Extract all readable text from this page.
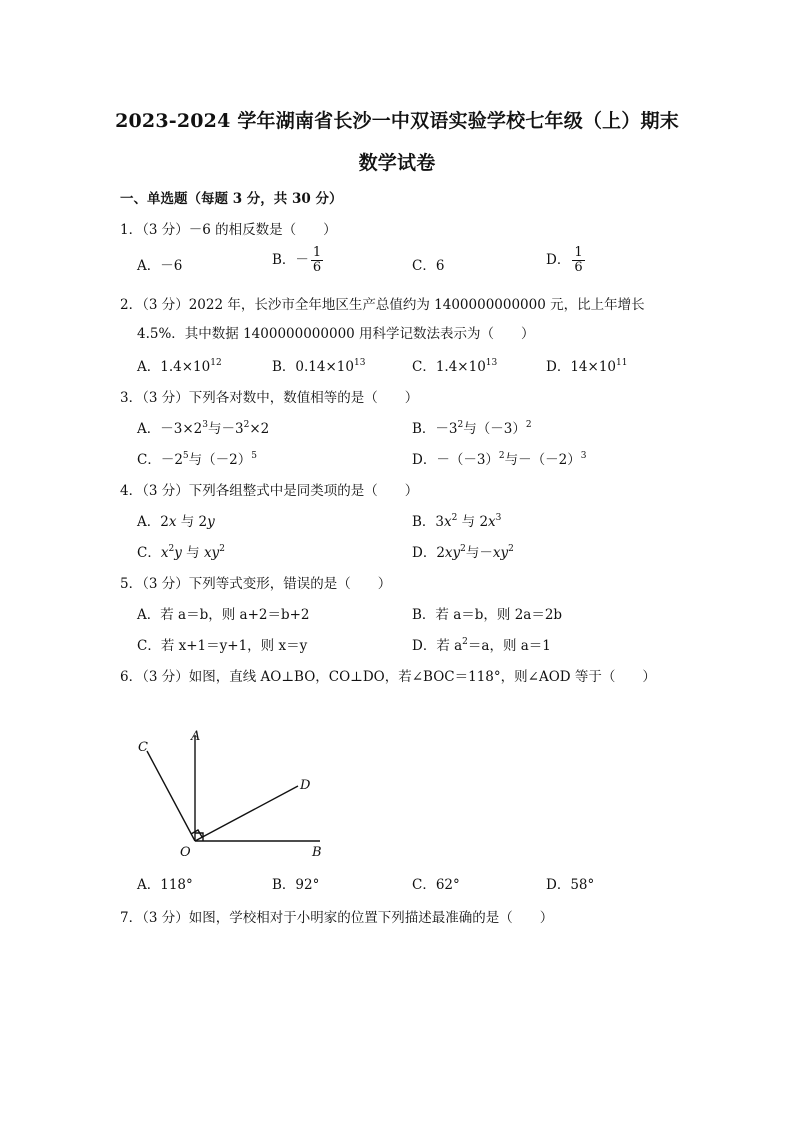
2023-2024 学年湖南省长沙一中双语实验学校七年级（上）期末
数学试卷
一、单选题（每题 3 分，共 30 分）
1．（3 分）－6 的相反数是（　　）
A．－6	B．－ $\frac{1}{6}$	C．6	D． $\frac{1}{6}$
2．（3 分）2022 年，长沙市全年地区生产总值约为 1400000000000 元，比上年增长
4.5%．其中数据 1400000000000 用科学记数法表示为（　　）
A．$1.4\times 10^{12}$	B．$0.14\times 10^{13}$	C．$1.4\times 10^{13}$	D．$14\times 10^{11}$
3．（3 分）下列各对数中，数值相等的是（　　）
A．$-3\times 2^3$与$-3^2\times 2$	B．$-3^2$与$(-3)^2$
C．$-2^5$与$(-2)^5$	D．$-(-3)^2$与$-(-2)^3$
4．（3 分）下列各组整式中是同类项的是（　　）
A．2x 与 2y	B．$3x^2$ 与 $2x^3$
C．$x^2y$ 与 $xy^2$	D．$2xy^2$与$-xy^2$
5．（3 分）下列等式变形，错误的是（　　）
A．若 a＝b，则 a+2＝b+2	B．若 a＝b，则 2a＝2b
C．若 x+1＝y+1，则 x＝y	D．若 $a^2=a$，则 a＝1
6．（3 分）如图，直线 AO⊥BO，CO⊥DO，若∠BOC＝118°，则∠AOD 等于（　　）
A
C
D
O	B
A．118°	B．92°	C．62°	D．58°
7．（3 分）如图，学校相对于小明家的位置下列描述最准确的是（　　）
